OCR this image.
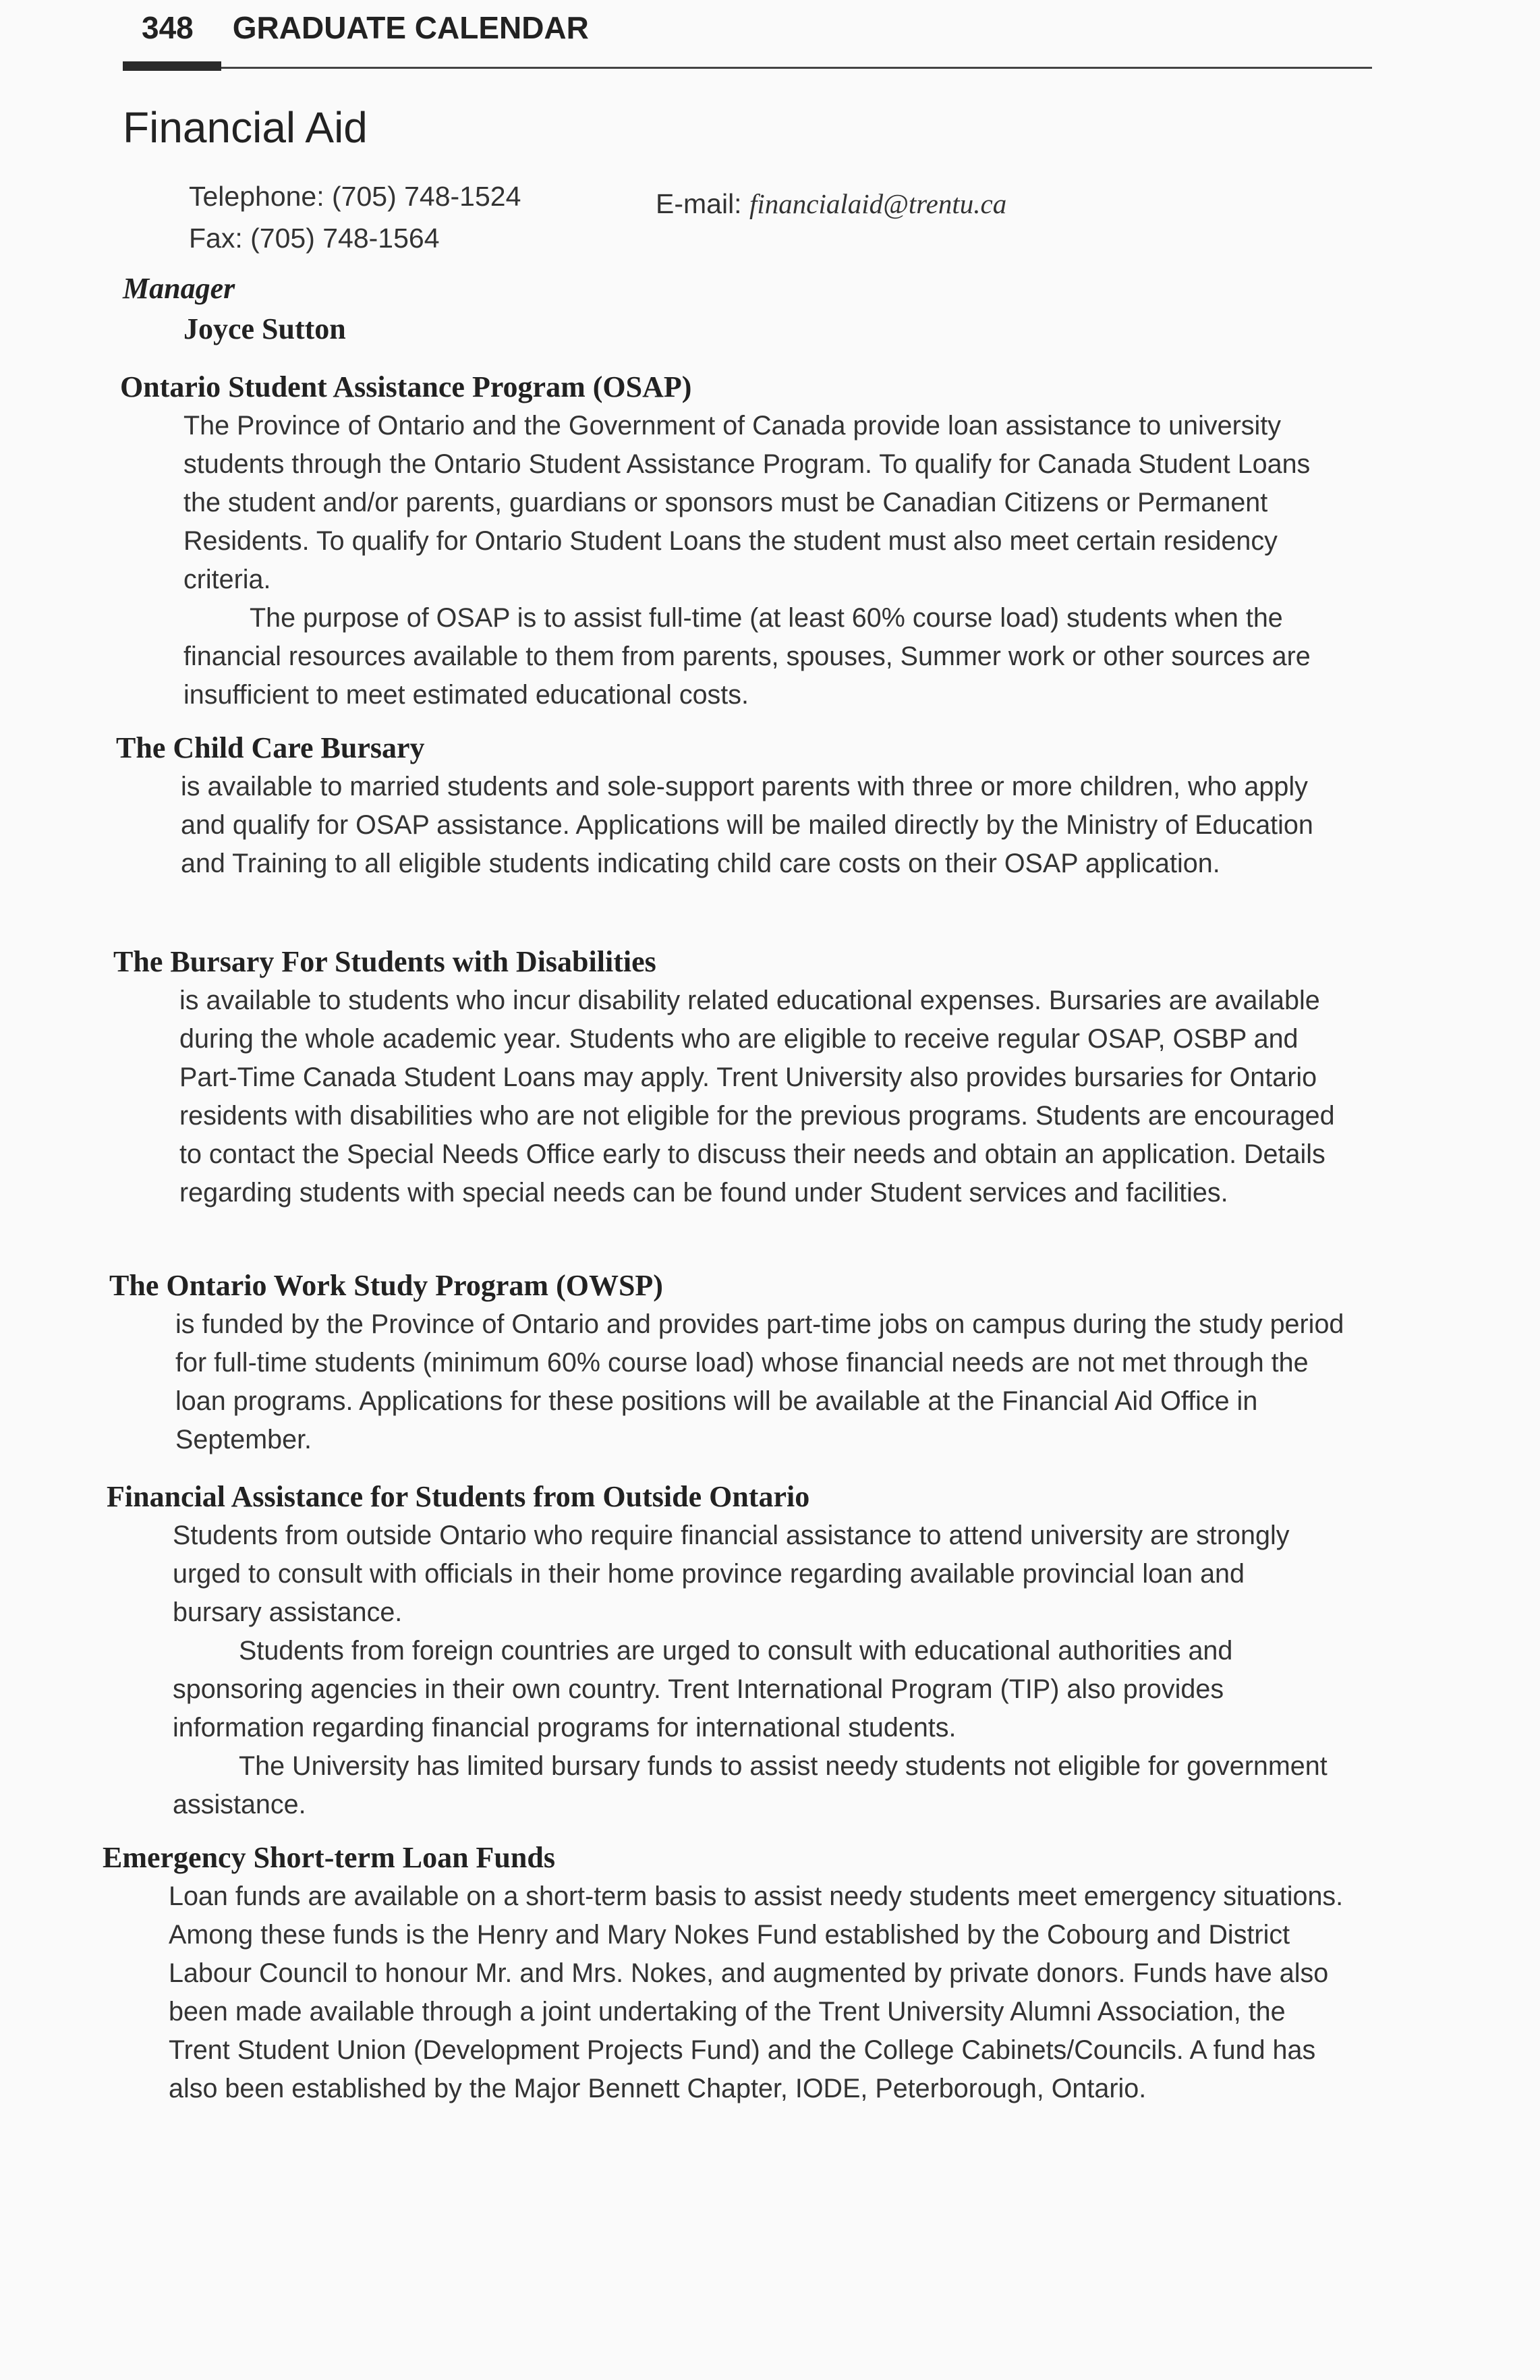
348 GRADUATE CALENDAR
Financial Aid
Telephone: (705) 748-1524
Fax: (705) 748-1564
E-mail: financialaid@trentu.ca
Manager
Joyce Sutton
Ontario Student Assistance Program (OSAP)

The Province of Ontario and the Government of Canada provide loan assistance to university students through the Ontario Student Assistance Program. To qualify for Canada Student Loans the student and/or parents, guardians or sponsors must be Canadian Citizens or Permanent Residents. To qualify for Ontario Student Loans the student must also meet certain residency criteria.

The purpose of OSAP is to assist full-time (at least 60% course load) students when the financial resources available to them from parents, spouses, Summer work or other sources are insufficient to meet estimated educational costs.

The Child Care Bursary

is available to married students and sole-support parents with three or more children, who apply and qualify for OSAP assistance. Applications will be mailed directly by the Ministry of Education and Training to all eligible students indicating child care costs on their OSAP application.

The Bursary For Students with Disabilities

is available to students who incur disability related educational expenses. Bursaries are available during the whole academic year. Students who are eligible to receive regular OSAP, OSBP and Part-Time Canada Student Loans may apply. Trent University also provides bursaries for Ontario residents with disabilities who are not eligible for the previous programs. Students are encouraged to contact the Special Needs Office early to discuss their needs and obtain an application. Details regarding students with special needs can be found under Student services and facilities.

The Ontario Work Study Program (OWSP)

is funded by the Province of Ontario and provides part-time jobs on campus during the study period for full-time students (minimum 60% course load) whose financial needs are not met through the loan programs. Applications for these positions will be available at the Financial Aid Office in September.

Financial Assistance for Students from Outside Ontario

Students from outside Ontario who require financial assistance to attend university are strongly urged to consult with officials in their home province regarding available provincial loan and bursary assistance.

Students from foreign countries are urged to consult with educational authorities and sponsoring agencies in their own country. Trent International Program (TIP) also provides information regarding financial programs for international students.

The University has limited bursary funds to assist needy students not eligible for government assistance.

Emergency Short-term Loan Funds

Loan funds are available on a short-term basis to assist needy students meet emergency situations. Among these funds is the Henry and Mary Nokes Fund established by the Cobourg and District Labour Council to honour Mr. and Mrs. Nokes, and augmented by private donors. Funds have also been made available through a joint undertaking of the Trent University Alumni Association, the Trent Student Union (Development Projects Fund) and the College Cabinets/Councils. A fund has also been established by the Major Bennett Chapter, IODE, Peterborough, Ontario.
